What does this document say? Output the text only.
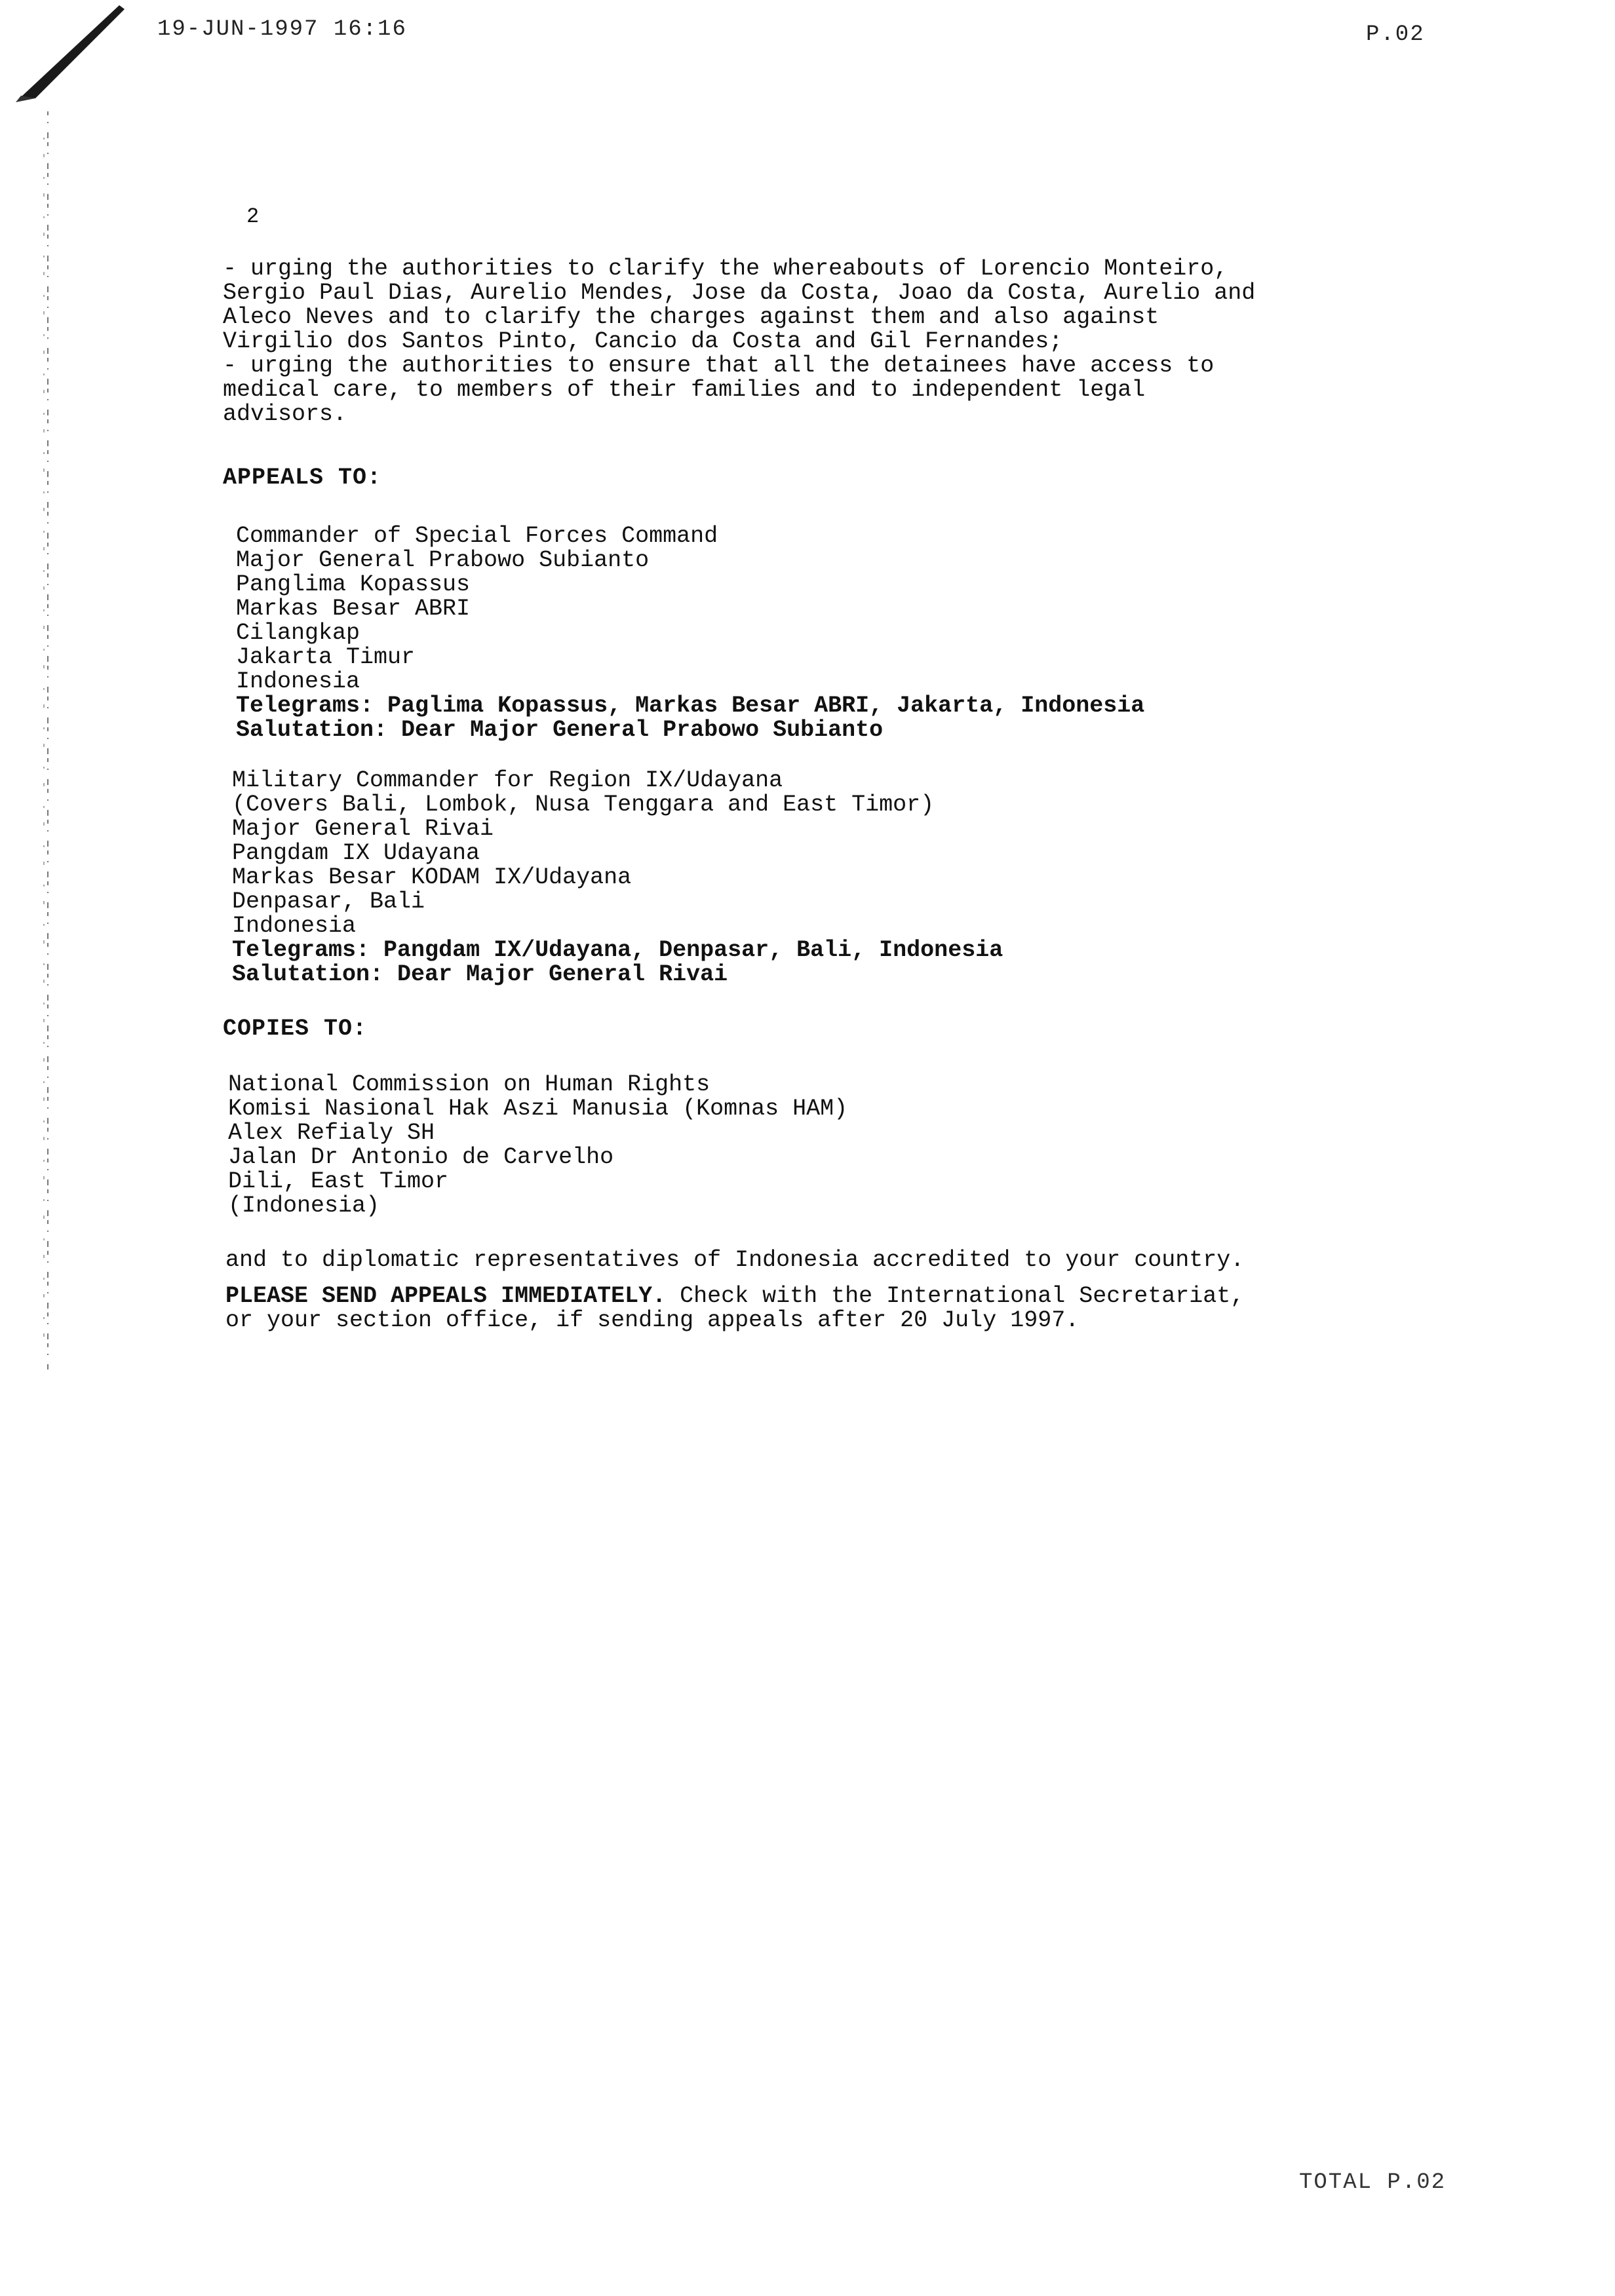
19-JUN-1997 16:16	P.02
2
- urging the authorities to clarify the whereabouts of Lorencio Monteiro,
Sergio Paul Dias, Aurelio Mendes, Jose da Costa, Joao da Costa, Aurelio and
Aleco Neves and to clarify the charges against them and also against
Virgilio dos Santos Pinto, Cancio da Costa and Gil Fernandes;
- urging the authorities to ensure that all the detainees have access to
medical care, to members of their families and to independent legal
advisors.
APPEALS TO:
Commander of Special Forces Command
Major General Prabowo Subianto
Panglima Kopassus
Markas Besar ABRI
Cilangkap
Jakarta Timur
Indonesia
Telegrams: Paglima Kopassus, Markas Besar ABRI, Jakarta, Indonesia
Salutation: Dear Major General Prabowo Subianto
Military Commander for Region IX/Udayana
(Covers Bali, Lombok, Nusa Tenggara and East Timor)
Major General Rivai
Pangdam IX Udayana
Markas Besar KODAM IX/Udayana
Denpasar, Bali
Indonesia
Telegrams: Pangdam IX/Udayana, Denpasar, Bali, Indonesia
Salutation: Dear Major General Rivai
COPIES TO:
National Commission on Human Rights
Komisi Nasional Hak Aszi Manusia (Komnas HAM)
Alex Refialy SH
Jalan Dr Antonio de Carvelho
Dili, East Timor
(Indonesia)
and to diplomatic representatives of Indonesia accredited to your country.
PLEASE SEND APPEALS IMMEDIATELY. Check with the International Secretariat,
or your section office, if sending appeals after 20 July 1997.
TOTAL P.02
